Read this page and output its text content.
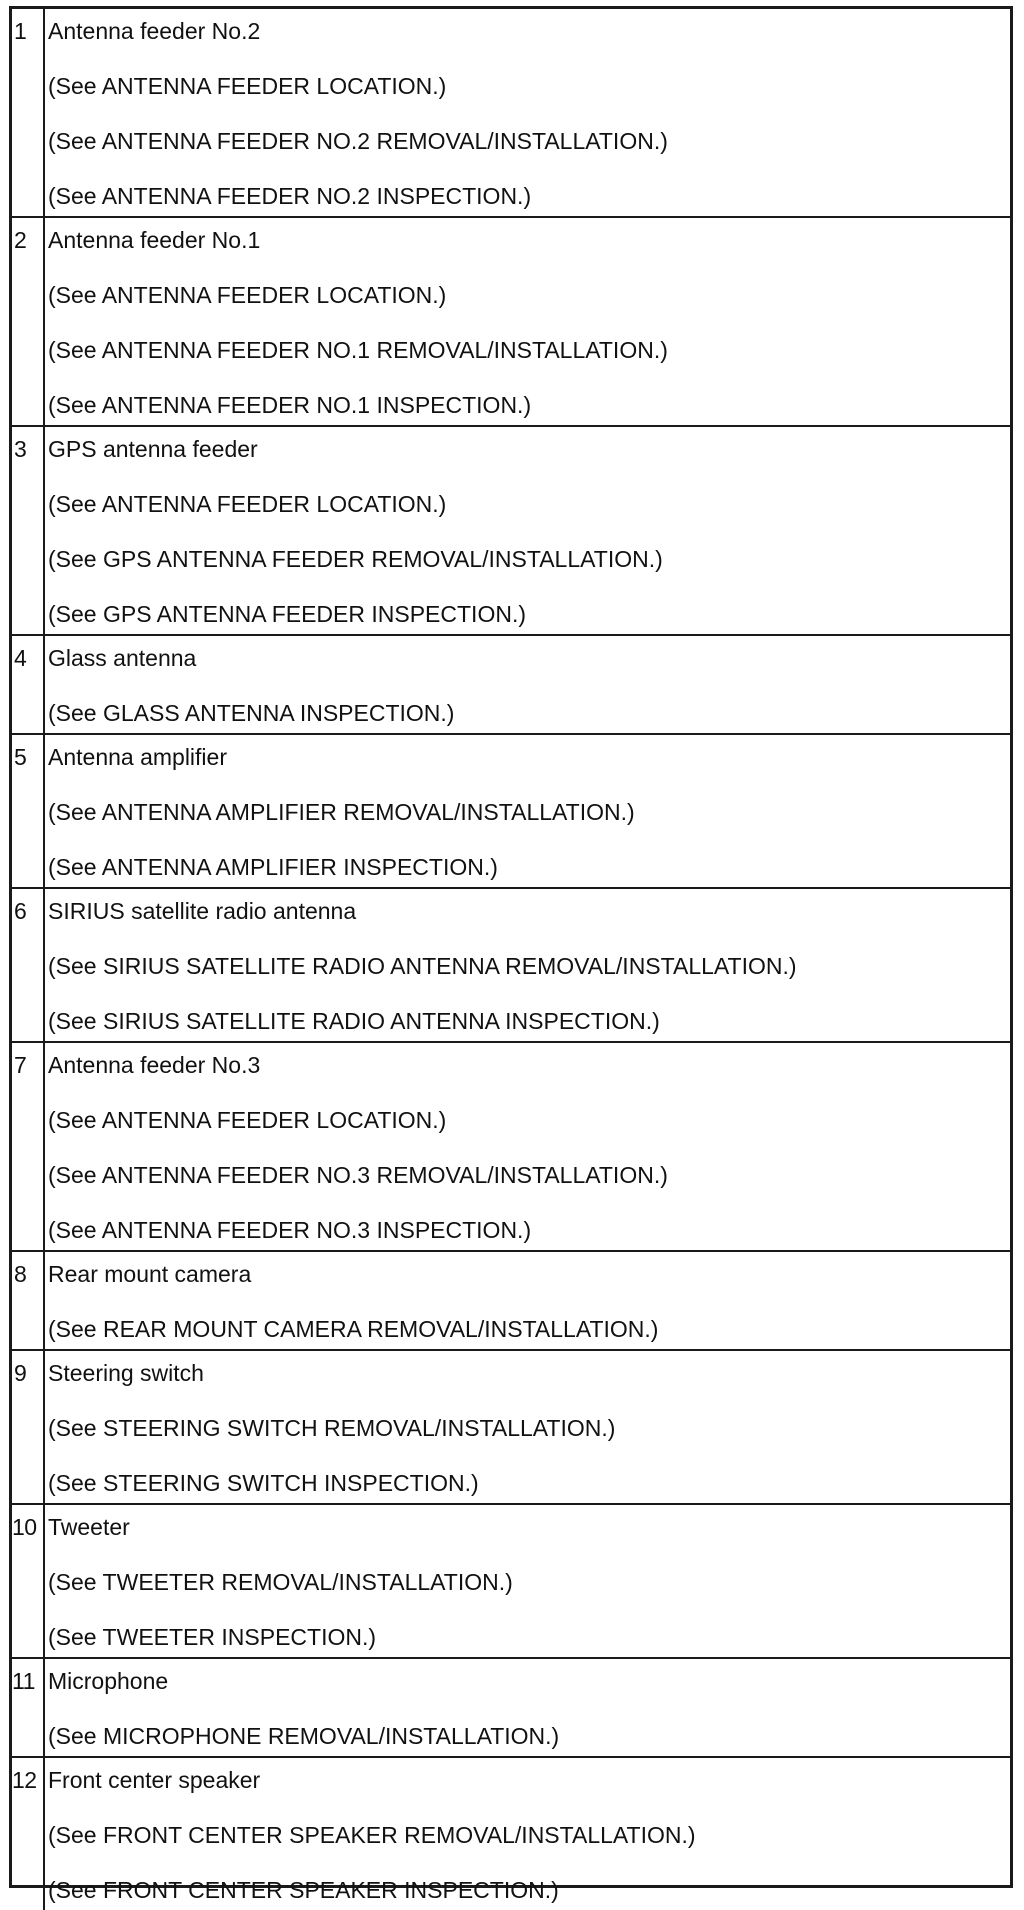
1 Antenna feeder No.2
(See ANTENNA FEEDER LOCATION.)
(See ANTENNA FEEDER NO.2 REMOVAL/INSTALLATION.)
(See ANTENNA FEEDER NO.2 INSPECTION.)
2 Antenna feeder No.1
(See ANTENNA FEEDER LOCATION.)
(See ANTENNA FEEDER NO.1 REMOVAL/INSTALLATION.)
(See ANTENNA FEEDER NO.1 INSPECTION.)
3 GPS antenna feeder
(See ANTENNA FEEDER LOCATION.)
(See GPS ANTENNA FEEDER REMOVAL/INSTALLATION.)
(See GPS ANTENNA FEEDER INSPECTION.)
4 Glass antenna
(See GLASS ANTENNA INSPECTION.)
5 Antenna amplifier
(See ANTENNA AMPLIFIER REMOVAL/INSTALLATION.)
(See ANTENNA AMPLIFIER INSPECTION.)
6 SIRIUS satellite radio antenna
(See SIRIUS SATELLITE RADIO ANTENNA REMOVAL/INSTALLATION.)
(See SIRIUS SATELLITE RADIO ANTENNA INSPECTION.)
7 Antenna feeder No.3
(See ANTENNA FEEDER LOCATION.)
(See ANTENNA FEEDER NO.3 REMOVAL/INSTALLATION.)
(See ANTENNA FEEDER NO.3 INSPECTION.)
8 Rear mount camera
(See REAR MOUNT CAMERA REMOVAL/INSTALLATION.)
9 Steering switch
(See STEERING SWITCH REMOVAL/INSTALLATION.)
(See STEERING SWITCH INSPECTION.)
10 Tweeter
(See TWEETER REMOVAL/INSTALLATION.)
(See TWEETER INSPECTION.)
11 Microphone
(See MICROPHONE REMOVAL/INSTALLATION.)
12 Front center speaker
(See FRONT CENTER SPEAKER REMOVAL/INSTALLATION.)
(See FRONT CENTER SPEAKER INSPECTION.)
